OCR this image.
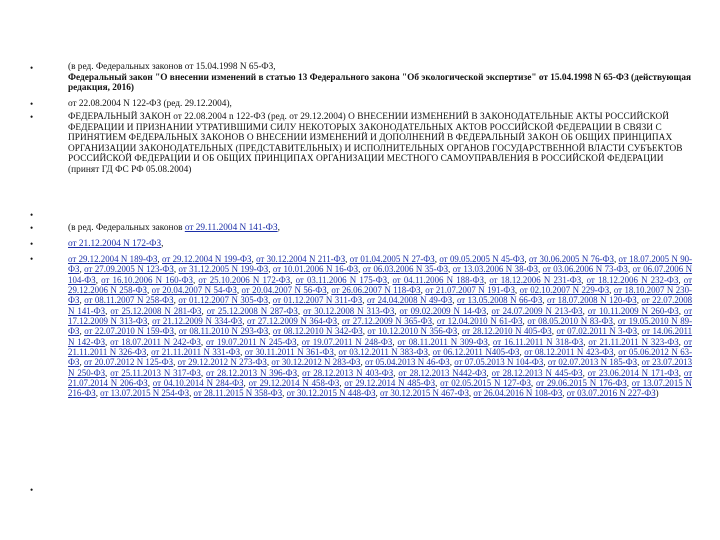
•
•
•
•
•
•
•
•
(в ред. Федеральных законов от 15.04.1998 N 65-ФЗ,
Федеральный закон "О внесении изменений в статью 13 Федерального закона "Об экологической экспертизе" от 15.04.1998 N 65-ФЗ (действующая редакция, 2016)
от 22.08.2004 N 122-ФЗ (ред. 29.12.2004),
ФЕДЕРАЛЬНЫЙ ЗАКОН от 22.08.2004 n 122-ФЗ (ред. от 29.12.2004) О ВНЕСЕНИИ ИЗМЕНЕНИЙ В ЗАКОНОДАТЕЛЬНЫЕ АКТЫ РОССИЙСКОЙ ФЕДЕРАЦИИ И ПРИЗНАНИИ УТРАТИВШИМИ СИЛУ НЕКОТОРЫХ ЗАКОНОДАТЕЛЬНЫХ АКТОВ РОССИЙСКОЙ ФЕДЕРАЦИИ В СВЯЗИ С ПРИНЯТИЕМ ФЕДЕРАЛЬНЫХ ЗАКОНОВ О ВНЕСЕНИИ ИЗМЕНЕНИЙ И ДОПОЛНЕНИЙ В ФЕДЕРАЛЬНЫЙ ЗАКОН ОБ ОБЩИХ ПРИНЦИПАХ ОРГАНИЗАЦИИ ЗАКОНОДАТЕЛЬНЫХ (ПРЕДСТАВИТЕЛЬНЫХ) И ИСПОЛНИТЕЛЬНЫХ ОРГАНОВ ГОСУДАРСТВЕННОЙ ВЛАСТИ СУБЪЕКТОВ РОССИЙСКОЙ ФЕДЕРАЦИИ И ОБ ОБЩИХ ПРИНЦИПАХ ОРГАНИЗАЦИИ МЕСТНОГО САМОУПРАВЛЕНИЯ В РОССИЙСКОЙ ФЕДЕРАЦИИ
(принят ГД ФС РФ 05.08.2004)
(в ред. Федеральных законов от 29.11.2004 N 141-ФЗ,
от 21.12.2004 N 172-ФЗ,
от 29.12.2004 N 189-ФЗ, от 29.12.2004 N 199-ФЗ, от 30.12.2004 N 211-ФЗ, от 01.04.2005 N 27-ФЗ, от 09.05.2005 N 45-ФЗ, от 30.06.2005 N 76-ФЗ, от 18.07.2005 N 90-ФЗ, от 27.09.2005 N 123-ФЗ, от 31.12.2005 N 199-ФЗ, от 10.01.2006 N 16-ФЗ, от 06.03.2006 N 35-ФЗ, от 13.03.2006 N 38-ФЗ, от 03.06.2006 N 73-ФЗ, от 06.07.2006 N 104-ФЗ, от 16.10.2006 N 160-ФЗ, от 25.10.2006 N 172-ФЗ, от 03.11.2006 N 175-ФЗ, от 04.11.2006 N 188-ФЗ, от 18.12.2006 N 231-ФЗ, от 18.12.2006 N 232-ФЗ, от 29.12.2006 N 258-ФЗ, от 20.04.2007 N 54-ФЗ, от 20.04.2007 N 56-ФЗ, от 26.06.2007 N 118-ФЗ, от 21.07.2007 N 191-ФЗ, от 02.10.2007 N 229-ФЗ, от 18.10.2007 N 230-ФЗ, от 08.11.2007 N 258-ФЗ, от 01.12.2007 N 305-ФЗ, от 01.12.2007 N 311-ФЗ, от 24.04.2008 N 49-ФЗ, от 13.05.2008 N 66-ФЗ, от 18.07.2008 N 120-ФЗ, от 22.07.2008 N 141-ФЗ, от 25.12.2008 N 281-ФЗ, от 25.12.2008 N 287-ФЗ, от 30.12.2008 N 313-ФЗ, от 09.02.2009 N 14-ФЗ, от 24.07.2009 N 213-ФЗ, от 10.11.2009 N 260-ФЗ, от 17.12.2009 N 313-ФЗ, от 21.12.2009 N 334-ФЗ, от 27.12.2009 N 364-ФЗ, от 27.12.2009 N 365-ФЗ, от 12.04.2010 N 61-ФЗ, от 08.05.2010 N 83-ФЗ, от 19.05.2010 N 89-ФЗ, от 22.07.2010 N 159-ФЗ, от 08.11.2010 N 293-ФЗ, от 08.12.2010 N 342-ФЗ, от 10.12.2010 N 356-ФЗ, от 28.12.2010 N 405-ФЗ, от 07.02.2011 N 3-ФЗ, от 14.06.2011 N 142-ФЗ, от 18.07.2011 N 242-ФЗ, от 19.07.2011 N 245-ФЗ, от 19.07.2011 N 248-ФЗ, от 08.11.2011 N 309-ФЗ, от 16.11.2011 N 318-ФЗ, от 21.11.2011 N 323-ФЗ, от 21.11.2011 N 326-ФЗ, от 21.11.2011 N 331-ФЗ, от 30.11.2011 N 361-ФЗ, от 03.12.2011 N 383-ФЗ, от 06.12.2011 N405-ФЗ, от 08.12.2011 N 423-ФЗ, от 05.06.2012 N 63-ФЗ, от 20.07.2012 N 125-ФЗ, от 29.12.2012 N 273-ФЗ, от 30.12.2012 N 283-ФЗ, от 05.04.2013 N 46-ФЗ, от 07.05.2013 N 104-ФЗ, от 02.07.2013 N 185-ФЗ, от 23.07.2013 N 250-ФЗ, от 25.11.2013 N 317-ФЗ, от 28.12.2013 N 396-ФЗ, от 28.12.2013 N 403-ФЗ, от 28.12.2013 N442-ФЗ, от 28.12.2013 N 445-ФЗ, от 23.06.2014 N 171-ФЗ, от 21.07.2014 N 206-ФЗ, от 04.10.2014 N 284-ФЗ, от 29.12.2014 N 458-ФЗ, от 29.12.2014 N 485-ФЗ, от 02.05.2015 N 127-ФЗ, от 29.06.2015 N 176-ФЗ, от 13.07.2015 N 216-ФЗ, от 13.07.2015 N 254-ФЗ, от 28.11.2015 N 358-ФЗ, от 30.12.2015 N 448-ФЗ, от 30.12.2015 N 467-ФЗ, от 26.04.2016 N 108-ФЗ, от 03.07.2016 N 227-ФЗ)
